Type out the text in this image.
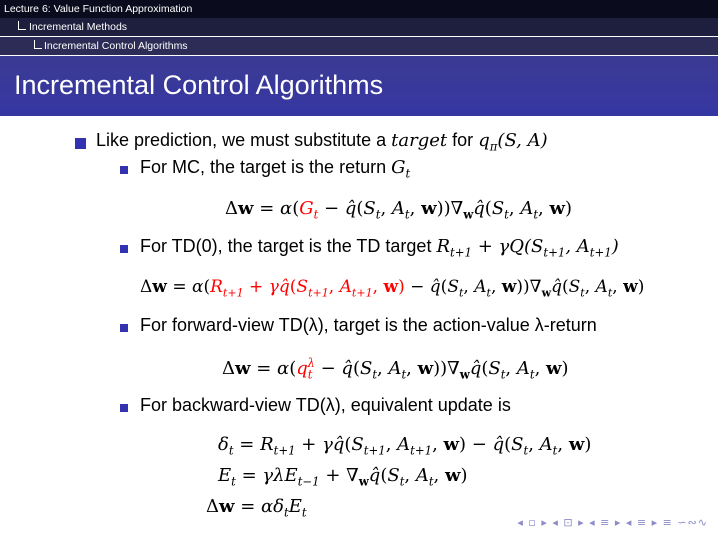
Lecture 6: Value Function Approximation
Incremental Methods
Incremental Control Algorithms
Incremental Control Algorithms
Like prediction, we must substitute a target for $q_\pi(S$, A)
For MC, the target is the return $G_t$
$\Delta w = \alpha(G_t$ − $q̂(S_t$, $A_t$, $w))\nabla_wq̂(S_t$, $A_t$, w)
For TD(0), the target is the TD target $R_{t+1} + \gamma Q(S_{t+1}$, $A_{t+1}$)
$\Delta w = \alpha(R_{t+1}$ + $\gamma q̂(S_{t+1}$, $A_{t+1}$, $w) - q̂(S_t$, $A_t$, $w))\nabla_wq̂(S_t$, $A_t$, w)
For forward-view TD(λ), target is the action-value λ-return
$\Delta w = \alpha(q_t^\lambda$ − $q̂(S_t$, $A_t$, $w))\nabla_wq̂(S_t$, $A_t$, w)
For backward-view TD(λ), equivalent update is
$\delta_t = R_{t+1}$ + $\gamma q̂(S_{t+1}$, $A_{t+1}$, $w) - q̂(S_t$, $A_t$, w)
$E_t = \gamma\lambda E_{t-1}$ + $\nabla_wq̂(S_t$, $A_t$, w)
$\Delta w = \alpha\delta_tE_t$
◂ ▫ ▸ ◂ ⊡ ▸ ◂ ≡ ▸ ◂ ≡ ▸ ≡ ∽∾∿
